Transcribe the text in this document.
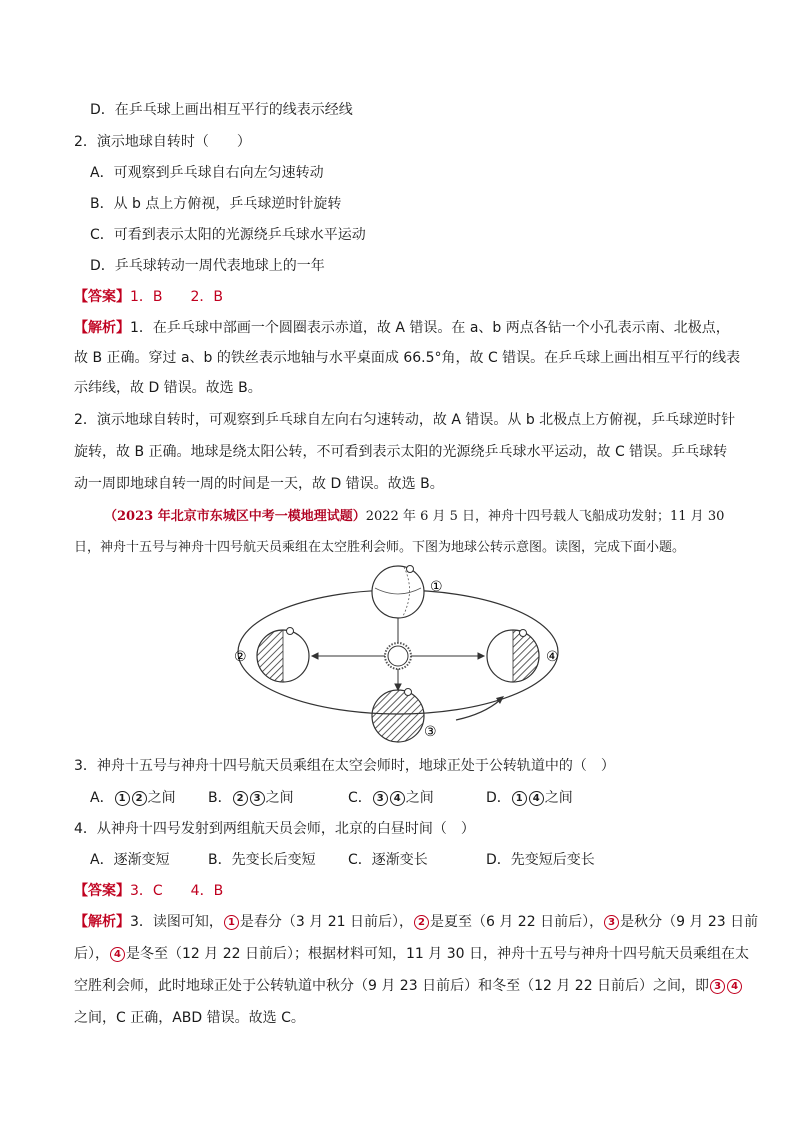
D．在乒乓球上画出相互平行的线表示经线
2．演示地球自转时（　　）
A．可观察到乒乓球自右向左匀速转动
B．从 b 点上方俯视，乒乓球逆时针旋转
C．可看到表示太阳的光源绕乒乓球水平运动
D．乒乓球转动一周代表地球上的一年
【答案】1．B　　2．B
【解析】1．在乒乓球中部画一个圆圈表示赤道，故 A 错误。在 a、b 两点各钻一个小孔表示南、北极点，
故 B 正确。穿过 a、b 的铁丝表示地轴与水平桌面成 66.5°角，故 C 错误。在乒乓球上画出相互平行的线表
示纬线，故 D 错误。故选 B。
2．演示地球自转时，可观察到乒乓球自左向右匀速转动，故 A 错误。从 b 北极点上方俯视，乒乓球逆时针
旋转，故 B 正确。地球是绕太阳公转，不可看到表示太阳的光源绕乒乓球水平运动，故 C 错误。乒乓球转
动一周即地球自转一周的时间是一天，故 D 错误。故选 B。
（2023 年北京市东城区中考一模地理试题）2022 年 6 月 5 日，神舟十四号载人飞船成功发射；11 月 30
日，神舟十五号与神舟十四号航天员乘组在太空胜利会师。下图为地球公转示意图。读图，完成下面小题。
①
②
③
④
3．神舟十五号与神舟十四号航天员乘组在太空会师时，地球正处于公转轨道中的（　）
A． 1 2 之间 B． 2 3 之间	C． 3 4 之间	D． 1 4 之间
4．从神舟十四号发射到两组航天员会师，北京的白昼时间（　）
A．逐渐变短	B．先变长后变短 C．逐渐变长	D．先变短后变长
【答案】3．C　　4．B
【解析】3．读图可知， 1 是春分（3 月 21 日前后）， 2 是夏至（6 月 22 日前后）， 3 是秋分（9 月 23 日前
后）， 4 是冬至（12 月 22 日前后）；根据材料可知，11 月 30 日，神舟十五号与神舟十四号航天员乘组在太
空胜利会师，此时地球正处于公转轨道中秋分（9 月 23 日前后）和冬至（12 月 22 日前后）之间，即 3 4
之间，C 正确，ABD 错误。故选 C。
